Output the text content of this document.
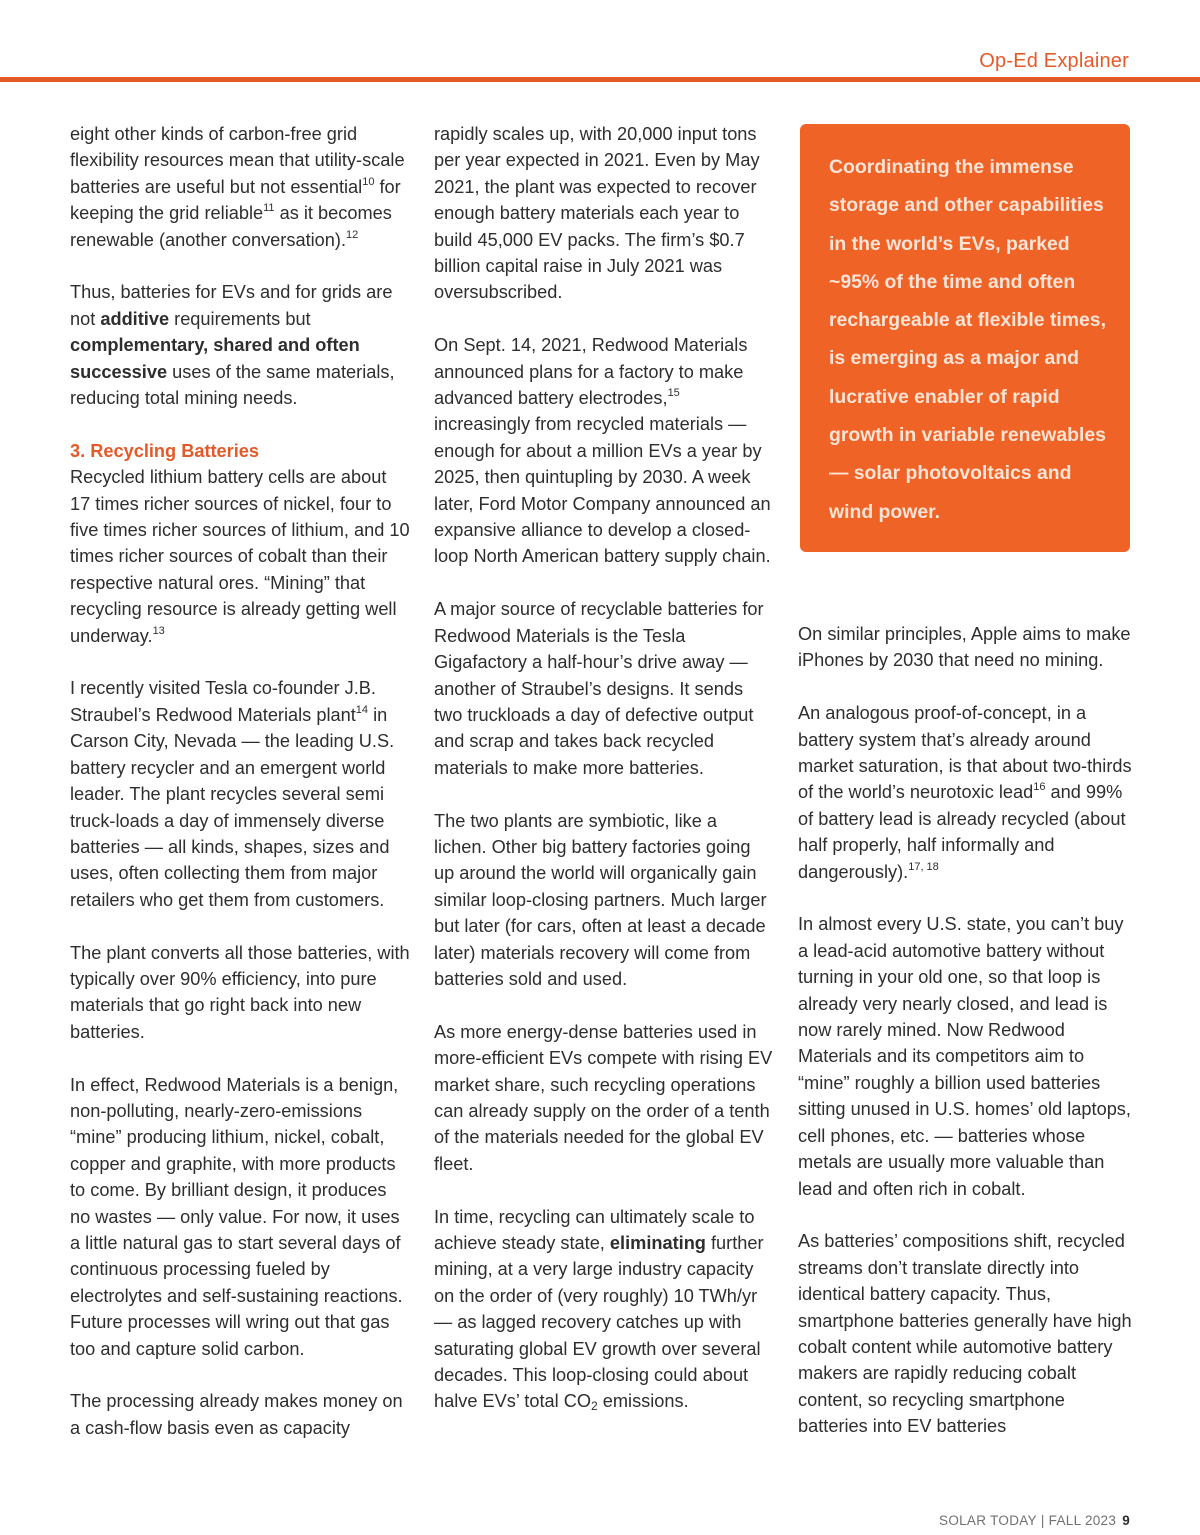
Op-Ed Explainer

eight other kinds of carbon-free grid flexibility resources mean that utility-scale batteries are useful but not essential$^{10}$ for keeping the grid reliable$^{11}$ as it becomes renewable (another conversation).$^{12}$

Thus, batteries for EVs and for grids are not additive requirements but complementary, shared and often successive uses of the same materials, reducing total mining needs.

3. Recycling Batteries

Recycled lithium battery cells are about 17 times richer sources of nickel, four to five times richer sources of lithium, and 10 times richer sources of cobalt than their respective natural ores. “Mining” that recycling resource is already getting well underway.$^{13}$

I recently visited Tesla co-founder J.B. Straubel’s Redwood Materials plant$^{14}$ in Carson City, Nevada — the leading U.S. battery recycler and an emergent world leader. The plant recycles several semi truck-loads a day of immensely diverse batteries — all kinds, shapes, sizes and uses, often collecting them from major retailers who get them from customers.

The plant converts all those batteries, with typically over 90% efficiency, into pure materials that go right back into new batteries.

In effect, Redwood Materials is a benign, non-polluting, nearly-zero-emissions “mine” producing lithium, nickel, cobalt, copper and graphite, with more products to come. By brilliant design, it produces no wastes — only value. For now, it uses a little natural gas to start several days of continuous processing fueled by electrolytes and self-sustaining reactions. Future processes will wring out that gas too and capture solid carbon.

The processing already makes money on a cash-flow basis even as capacity

rapidly scales up, with 20,000 input tons per year expected in 2021. Even by May 2021, the plant was expected to recover enough battery materials each year to build 45,000 EV packs. The firm’s $0.7 billion capital raise in July 2021 was oversubscribed.

On Sept. 14, 2021, Redwood Materials announced plans for a factory to make advanced battery electrodes,$^{15}$ increasingly from recycled materials — enough for about a million EVs a year by 2025, then quintupling by 2030. A week later, Ford Motor Company announced an expansive alliance to develop a closed-loop North American battery supply chain.

A major source of recyclable batteries for Redwood Materials is the Tesla Gigafactory a half-hour’s drive away — another of Straubel’s designs. It sends two truckloads a day of defective output and scrap and takes back recycled materials to make more batteries.

The two plants are symbiotic, like a lichen. Other big battery factories going up around the world will organically gain similar loop-closing partners. Much larger but later (for cars, often at least a decade later) materials recovery will come from batteries sold and used.

As more energy-dense batteries used in more-efficient EVs compete with rising EV market share, such recycling operations can already supply on the order of a tenth of the materials needed for the global EV fleet.

In time, recycling can ultimately scale to achieve steady state, eliminating further mining, at a very large industry capacity on the order of (very roughly) 10 TWh/yr — as lagged recovery catches up with saturating global EV growth over several decades. This loop-closing could about halve EVs’ total $CO_2$ emissions.

Coordinating the immense storage and other capabilities in the world’s EVs, parked ~95% of the time and often rechargeable at flexible times, is emerging as a major and lucrative enabler of rapid growth in variable renewables — solar photovoltaics and wind power.

On similar principles, Apple aims to make iPhones by 2030 that need no mining.

An analogous proof-of-concept, in a battery system that’s already around market saturation, is that about two-thirds of the world’s neurotoxic lead$^{16}$ and 99% of battery lead is already recycled (about half properly, half informally and dangerously).$^{17, 18}$

In almost every U.S. state, you can’t buy a lead-acid automotive battery without turning in your old one, so that loop is already very nearly closed, and lead is now rarely mined. Now Redwood Materials and its competitors aim to “mine” roughly a billion used batteries sitting unused in U.S. homes’ old laptops, cell phones, etc. — batteries whose metals are usually more valuable than lead and often rich in cobalt.

As batteries’ compositions shift, recycled streams don’t translate directly into identical battery capacity. Thus, smartphone batteries generally have high cobalt content while automotive battery makers are rapidly reducing cobalt content, so recycling smartphone batteries into EV batteries

SOLAR TODAY | FALL 2023 9
